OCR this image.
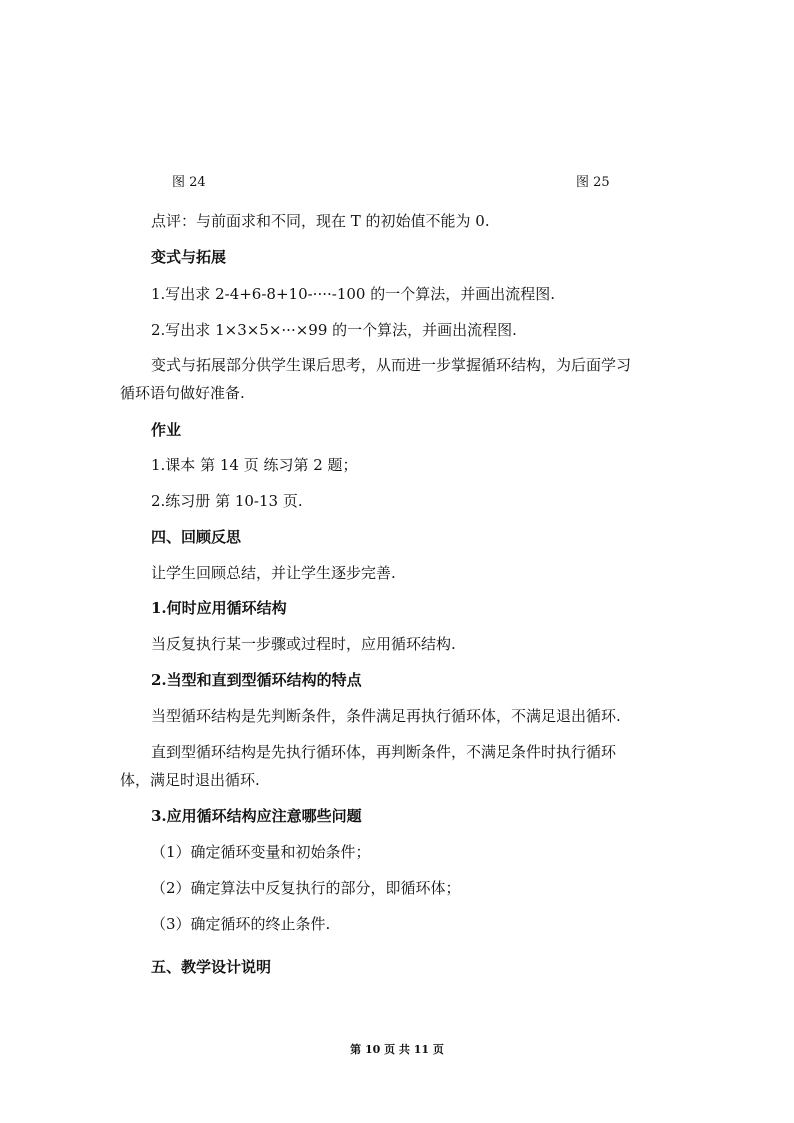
图 24	图 25
点评：与前面求和不同，现在 T 的初始值不能为 0.
变式与拓展
1.写出求 2-4+6-8+10-····-100 的一个算法，并画出流程图.
2.写出求 1×3×5×···×99 的一个算法，并画出流程图.
变式与拓展部分供学生课后思考，从而进一步掌握循环结构，为后面学习
循环语句做好准备.
作业
1.课本 第 14 页 练习第 2 题；
2.练习册 第 10-13 页.
四、回顾反思
让学生回顾总结，并让学生逐步完善.
1.何时应用循环结构
当反复执行某一步骤或过程时，应用循环结构.
2.当型和直到型循环结构的特点
当型循环结构是先判断条件，条件满足再执行循环体，不满足退出循环.
直到型循环结构是先执行循环体，再判断条件，不满足条件时执行循环
体，满足时退出循环.
3.应用循环结构应注意哪些问题
（1）确定循环变量和初始条件；
（2）确定算法中反复执行的部分，即循环体；
（3）确定循环的终止条件.
五、教学设计说明
第 10 页 共 11 页
